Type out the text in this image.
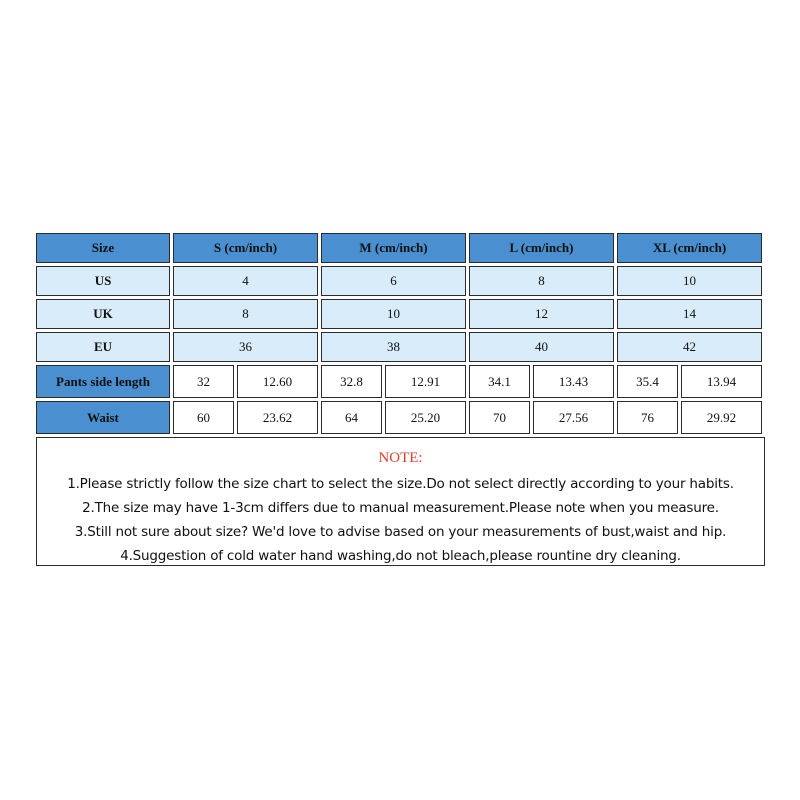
Size	S (cm/inch)	M (cm/inch)	L (cm/inch)	XL (cm/inch)
US	4	6	8	10
UK	8	10	12	14
EU	36	38	40	42
Pants side length	32	12.60	32.8	12.91	34.1	13.43	35.4	13.94
Waist	60	23.62	64	25.20	70	27.56	76	29.92
NOTE:
1.Please strictly follow the size chart to select the size.Do not select directly according to your habits.
2.The size may have 1-3cm differs due to manual measurement.Please note when you measure.
3.Still not sure about size? We'd love to advise based on your measurements of bust,waist and hip.
4.Suggestion of cold water hand washing,do not bleach,please rountine dry cleaning.
